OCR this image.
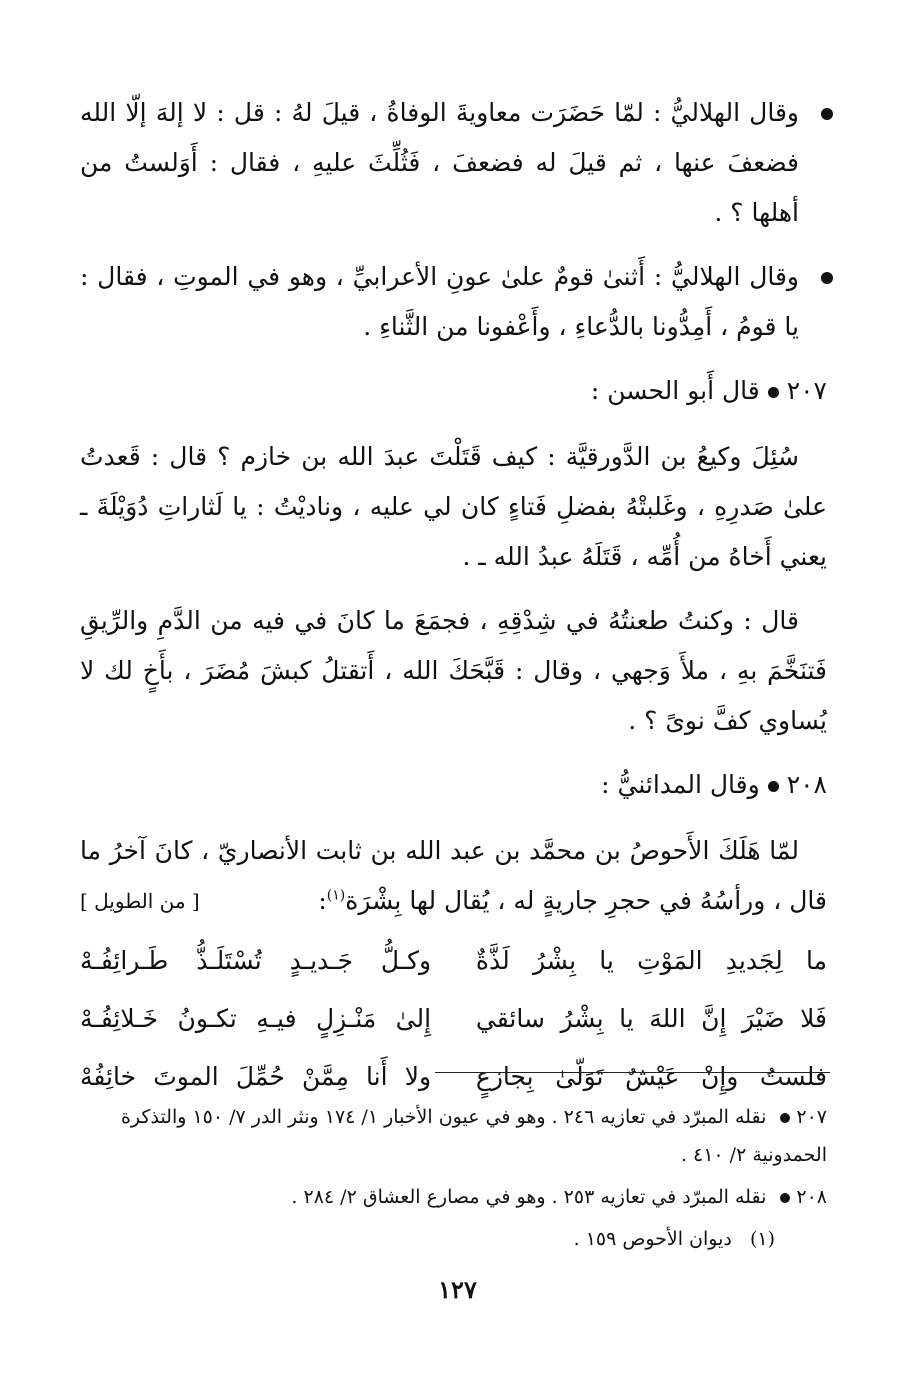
وقال الهلاليُّ : لمّا حَضَرَت معاويةَ الوفاةُ ، قيلَ لهُ : قل : لا إلهَ إلّا الله فضعفَ عنها ، ثم قيلَ له فضعفَ ، فَثُلِّثَ عليهِ ، فقال : أَوَلستُ من أهلها ؟ .

وقال الهلاليُّ : أَثنىٰ قومٌ علىٰ عونِ الأعرابيِّ ، وهو في الموتِ ، فقال : يا قومُ ، أَمِدُّونا بالدُّعاءِ ، وأَعْفونا من الثَّناءِ .

٢٠٧قال أَبو الحسن :

سُئِلَ وكيعُ بن الدَّورقيَّة : كيف قَتَلْتَ عبدَ الله بن خازم ؟ قال : قَعدتُ علىٰ صَدرِهِ ، وغَلبتْهُ بفضلِ فَتاءٍ كان لي عليه ، وناديْتُ : يا لَثاراتِ دُوَيْلَةَ ـ يعني أَخاهُ من أُمِّه ، قَتَلَهُ عبدُ الله ـ .

قال : وكنتُ طعنتُهُ في شِدْقِهِ ، فجمَعَ ما كانَ في فيه من الدَّمِ والرِّيقِ فَتنَخَّمَ بهِ ، ملأَ وَجهي ، وقال : قَبَّحَكَ الله ، أَتقتلُ كبشَ مُضَرَ ، بأَخٍ لك لا يُساوي كفَّ نوىً ؟ .

٢٠٨وقال المدائنيُّ :

لمّا هَلَكَ الأَحوصُ بن محمَّد بن عبد الله بن ثابت الأنصاريّ ، كانَ آخرُ ما قال ، ورأسُهُ في حجرِ جاريةٍ له ، يُقال لها بِشْرَة$^{(١)}$:
[ من الطويل ]

ما لِجَديدِ المَوْتِ يا بِشْرُ لَذَّةٌ
وكـلُّ جَـديـدٍ تُسْتَلَـذُّ طَـرائِفُـهْ
فَلا ضَيْرَ إِنَّ اللهَ يا بِشْرُ سائقي
إِلىٰ مَنْـزِلٍ فيـهِ تكـونُ خَـلائِفُـهْ
فلستُ وإِنْ عَيْشٌ تَوَلّىٰ بِجازعٍ
ولا أَنا مِمَّنْ حُمِّلَ الموتَ خائِفُهْ

٢٠٧نقله المبرّد في تعازيه ٢٤٦ . وهو في عيون الأخبار ١/ ١٧٤ ونثر الدر ٧/ ١٥٠ والتذكرة الحمدونية ٢/ ٤١٠ .

٢٠٨نقله المبرّد في تعازيه ٢٥٣ . وهو في مصارع العشاق ٢/ ٢٨٤ .

(١)  ديوان الأحوص ١٥٩ .

١٢٧
